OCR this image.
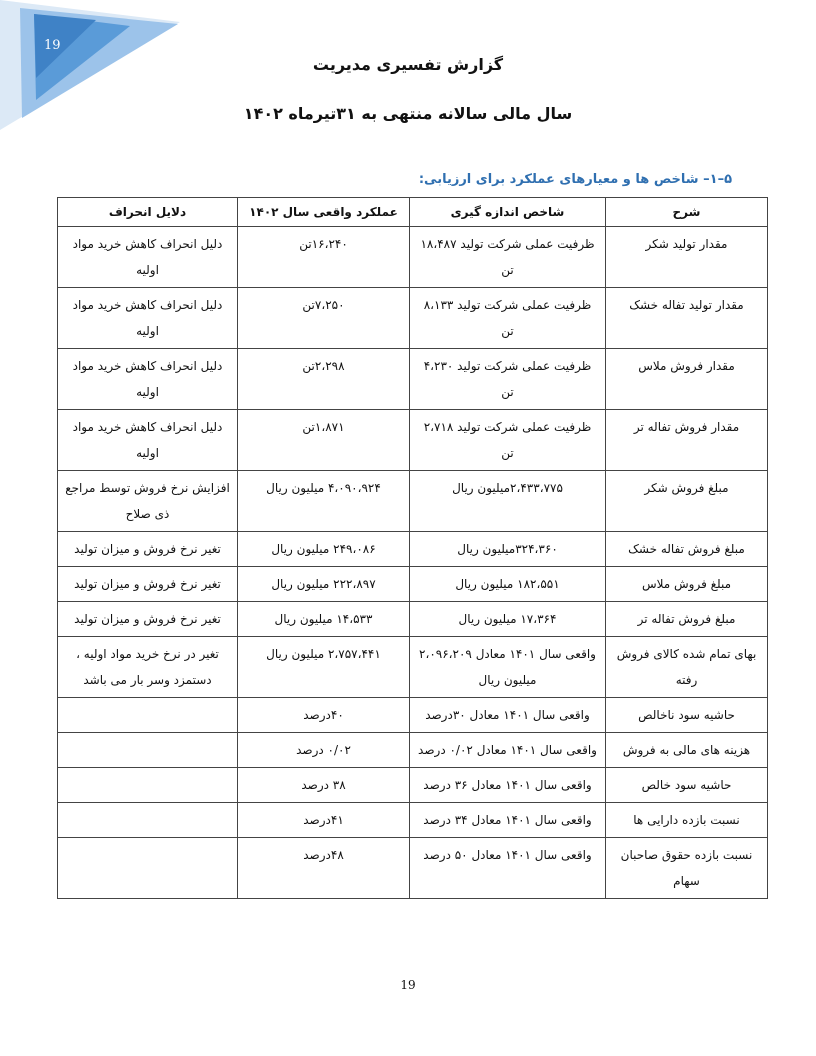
19
گزارش تفسیری مدیریت
سال مالی سالانه منتهی به ۳۱تیرماه ۱۴۰۲
۵–۱– شاخص ها و معیارهای عملکرد برای ارزیابی:
شرح	شاخص اندازه گیری	عملکرد واقعی سال ۱۴۰۲	دلایل انحراف
مقدار تولید شکر	ظرفیت عملی شرکت تولید ۱۸،۴۸۷ تن	۱۶،۲۴۰تن	دلیل انحراف کاهش خرید مواد اولیه
مقدار تولید تفاله خشک	ظرفیت عملی شرکت تولید ۸،۱۳۳ تن	۷،۲۵۰تن	دلیل انحراف کاهش خرید مواد اولیه
مقدار فروش ملاس	ظرفیت عملی شرکت تولید ۴،۲۳۰ تن	۲،۲۹۸تن	دلیل انحراف کاهش خرید مواد اولیه
مقدار فروش تفاله تر	ظرفیت عملی شرکت تولید ۲،۷۱۸ تن	۱،۸۷۱تن	دلیل انحراف کاهش خرید مواد اولیه
مبلغ فروش شکر	۲،۴۳۳،۷۷۵میلیون ریال	۴،۰۹۰،۹۲۴ میلیون ریال	افزایش نرخ فروش توسط مراجع ذی صلاح
مبلغ فروش تفاله خشک	۳۲۴،۳۶۰میلیون ریال	۲۴۹،۰۸۶ میلیون ریال	تغیر نرخ فروش و میزان تولید
مبلغ فروش ملاس	۱۸۲،۵۵۱ میلیون ریال	۲۲۲،۸۹۷ میلیون ریال	تغیر نرخ فروش و میزان تولید
مبلغ فروش تفاله تر	۱۷،۳۶۴ میلیون ریال	۱۴،۵۳۳ میلیون ریال	تغیر نرخ فروش و میزان تولید
بهای تمام شده کالای فروش رفته	واقعی سال ۱۴۰۱ معادل ۲،۰۹۶،۲۰۹ میلیون ریال	۲،۷۵۷،۴۴۱ میلیون ریال	تغیر در نرخ خرید مواد اولیه ، دستمزد وسر بار می باشد
حاشیه سود ناخالص	واقعی سال ۱۴۰۱ معادل ۳۰درصد	۴۰درصد	
هزینه های مالی به فروش	واقعی سال ۱۴۰۱ معادل ۰/۰۲ درصد	۰/۰۲ درصد	
حاشیه سود خالص	واقعی سال ۱۴۰۱ معادل ۳۶ درصد	۳۸ درصد	
نسبت بازده دارایی ها	واقعی سال ۱۴۰۱ معادل ۳۴ درصد	۴۱درصد	
نسبت بازده حقوق صاحبان سهام	واقعی سال ۱۴۰۱ معادل ۵۰ درصد	۴۸درصد	
19
